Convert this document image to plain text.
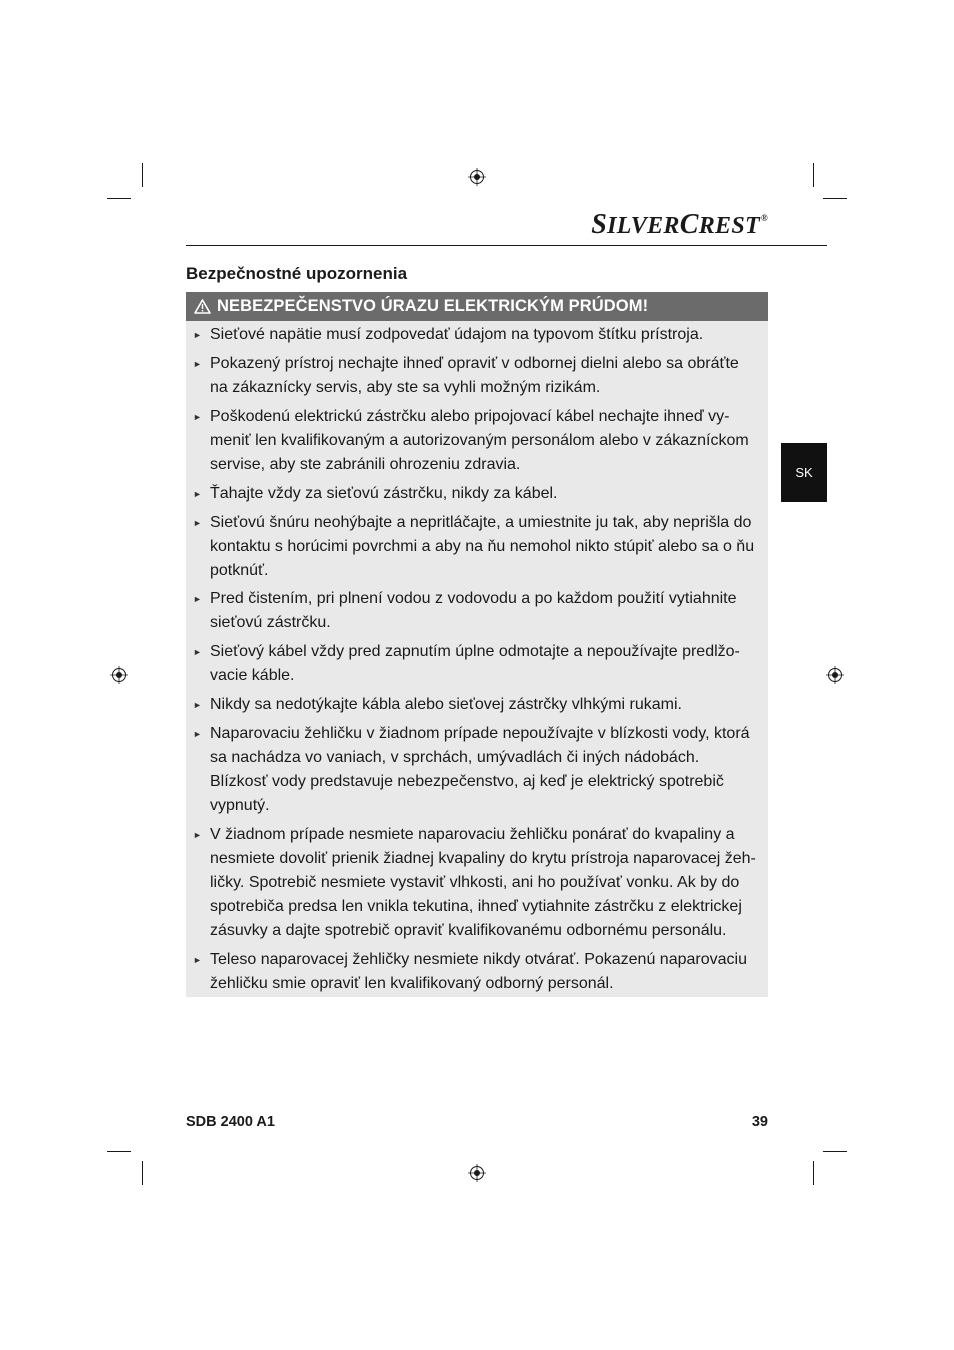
SILVERCREST®
Bezpečnostné upozornenia
NEBEZPEČENSTVO ÚRAZU ELEKTRICKÝM PRÚDOM!
► Sieťové napätie musí zodpovedať údajom na typovom štítku prístroja.
► Pokazený prístroj nechajte ihneď opraviť v odbornej dielni alebo sa obráťte na zákaznícky servis, aby ste sa vyhli možným rizikám.
► Poškodenú elektrickú zástrčku alebo pripojovací kábel nechajte ihneď vy-meniť len kvalifikovaným a autorizovaným personálom alebo v zákazníckom servise, aby ste zabránili ohrozeniu zdravia.
► Ťahajte vždy za sieťovú zástrčku, nikdy za kábel.
► Sieťovú šnúru neohýbajte a nepritláčajte, a umiestnite ju tak, aby neprišla do kontaktu s horúcimi povrchmi a aby na ňu nemohol nikto stúpiť alebo sa o ňu potknúť.
► Pred čistením, pri plnení vodou z vodovodu a po každom použití vytiahnite sieťovú zástrčku.
► Sieťový kábel vždy pred zapnutím úplne odmotajte a nepoužívajte predlžo-vacie káble.
► Nikdy sa nedotýkajte kábla alebo sieťovej zástrčky vlhkými rukami.
► Naparovaciu žehličku v žiadnom prípade nepoužívajte v blízkosti vody, ktorá sa nachádza vo vaniach, v sprchách, umývadlách či iných nádobách. Blízkosť vody predstavuje nebezpečenstvo, aj keď je elektrický spotrebič vypnutý.
► V žiadnom prípade nesmiete naparovaciu žehličku ponárať do kvapaliny a nesmiete dovoliť prienik žiadnej kvapaliny do krytu prístroja naparovacej žeh-ličky. Spotrebič nesmiete vystaviť vlhkosti, ani ho používať vonku. Ak by do spotrebiča predsa len vnikla tekutina, ihneď vytiahnite zástrčku z elektrickej zásuvky a dajte spotrebič opraviť kvalifikovanému odbornému personálu.
► Teleso naparovacej žehličky nesmiete nikdy otvárať. Pokazenú naparovaciu žehličku smie opraviť len kvalifikovaný odborný personál.
SK
SDB 2400 A1	39
